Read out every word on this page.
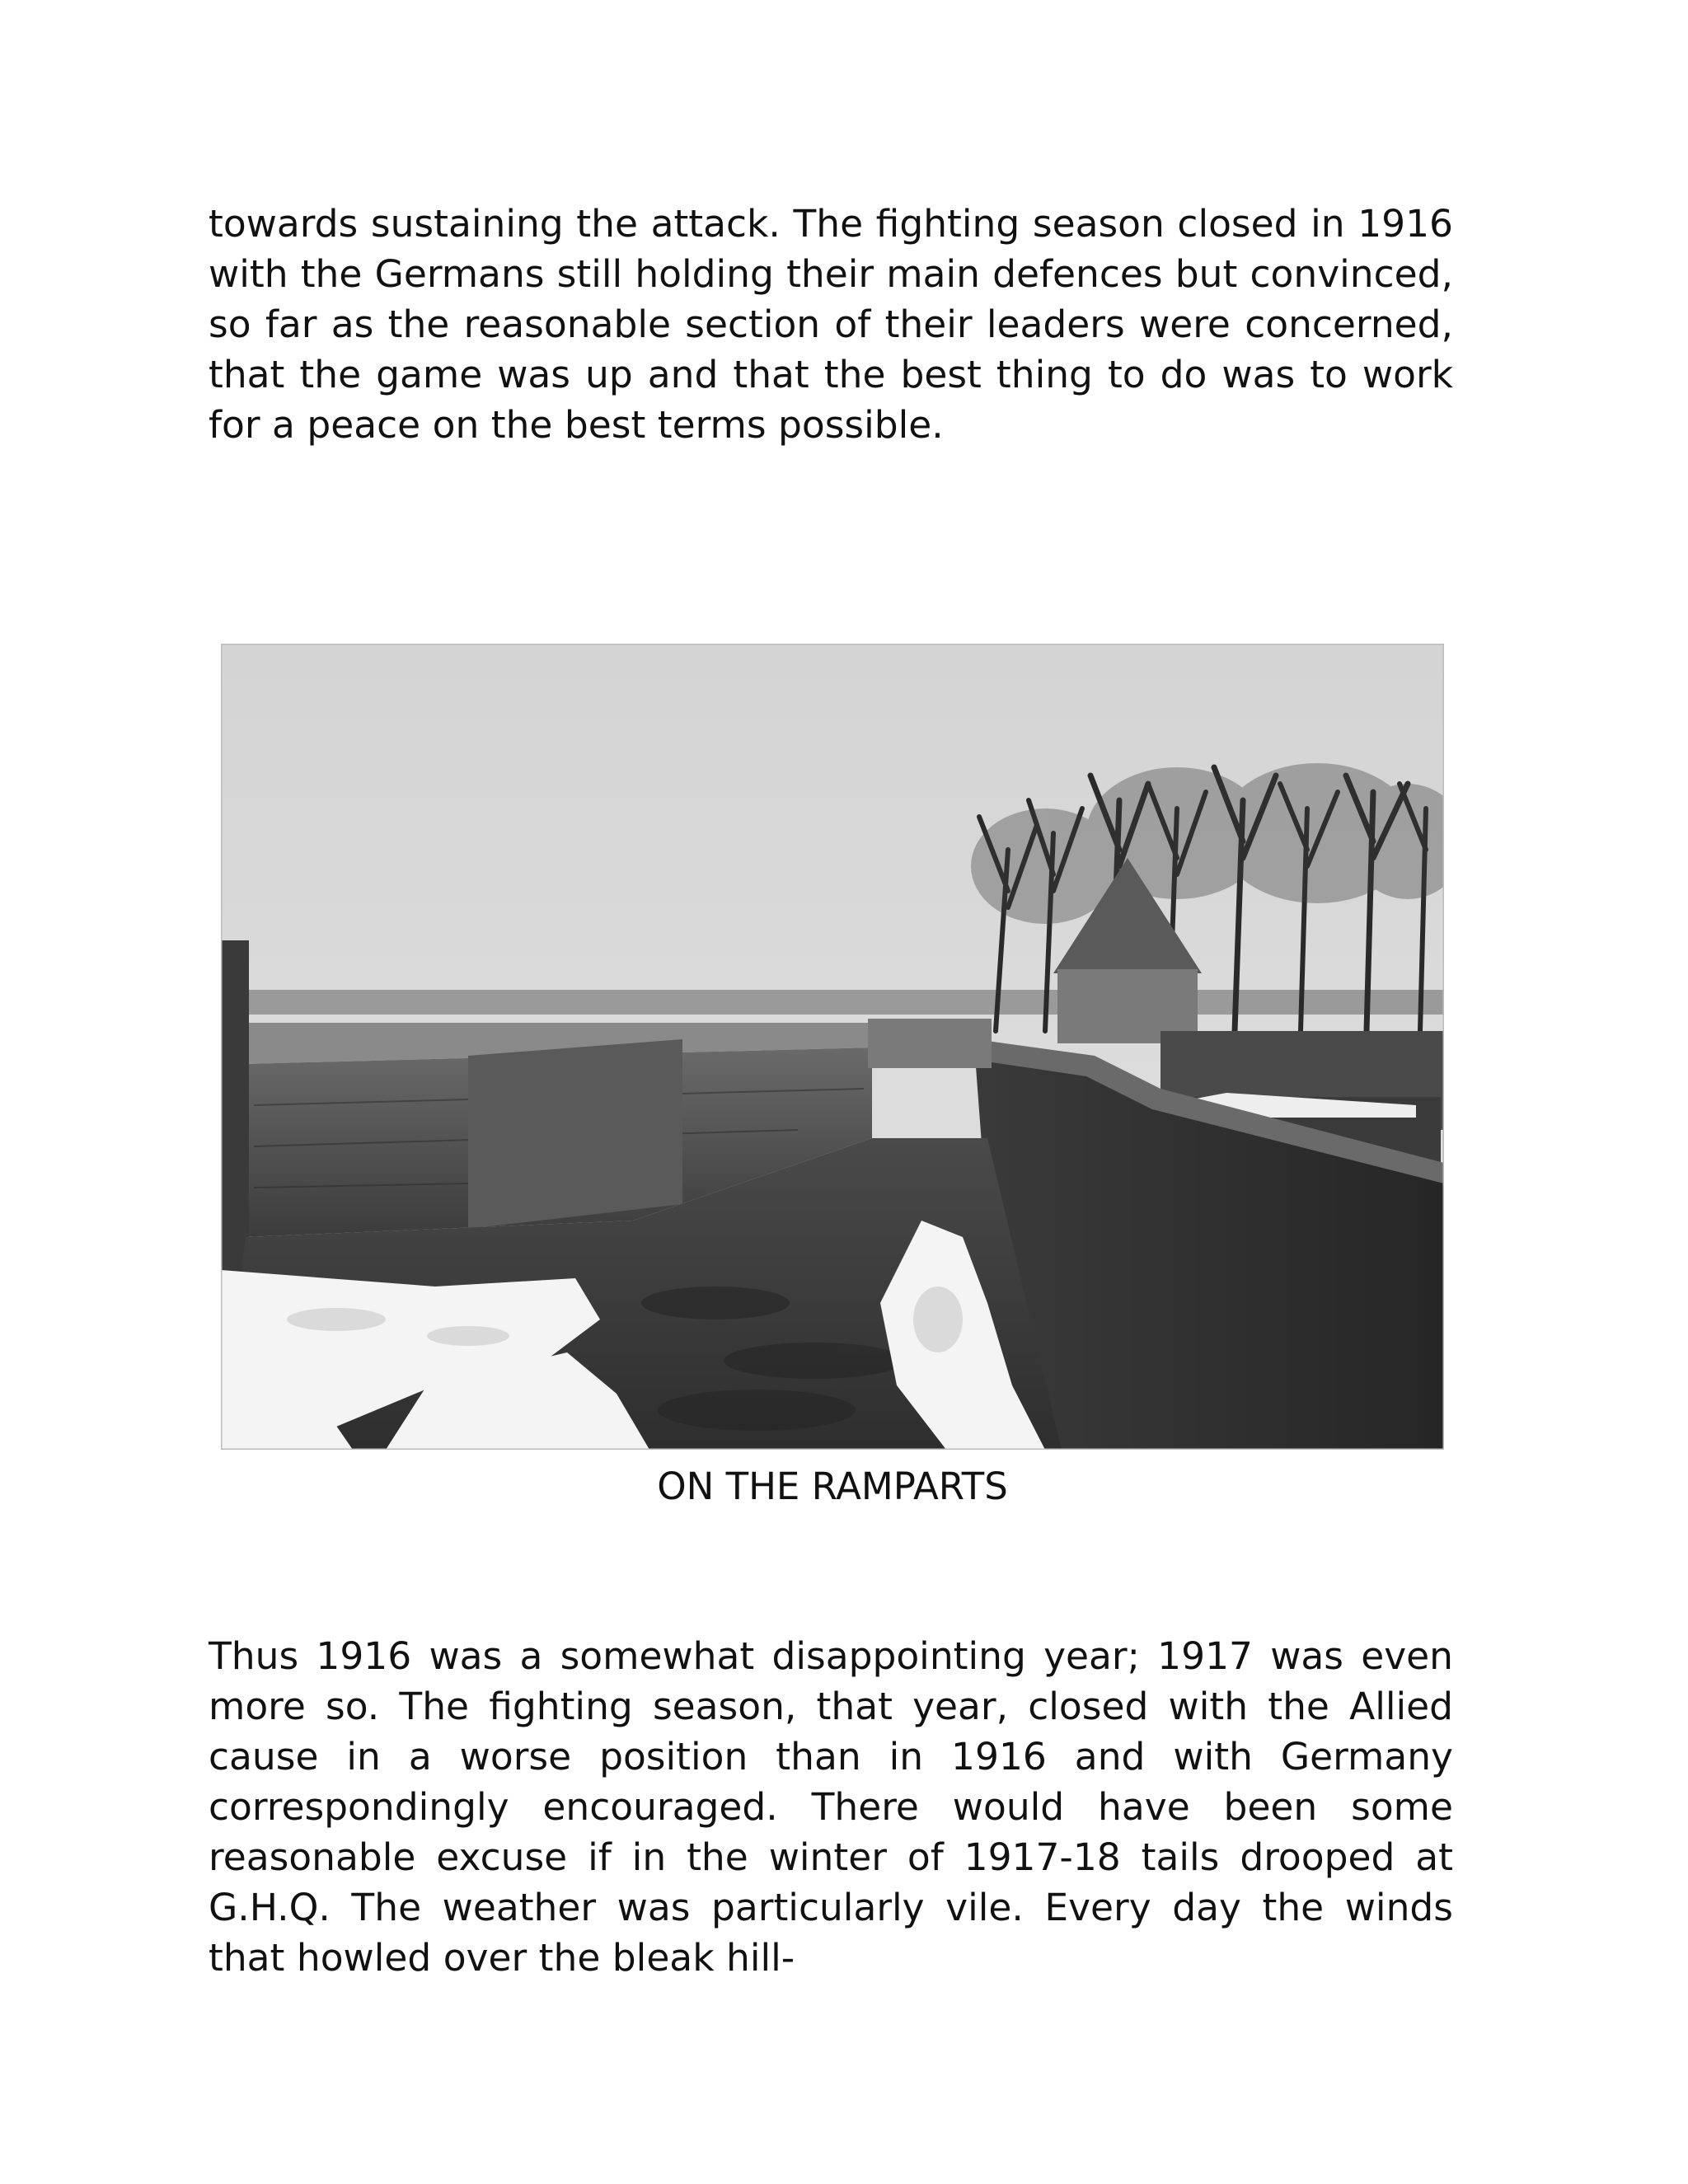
towards sustaining the attack. The fighting season closed in 1916 with the Germans still holding their main defences but convinced, so far as the reasonable section of their leaders were concerned, that the game was up and that the best thing to do was to work for a peace on the best terms possible.

ON THE RAMPARTS

Thus 1916 was a somewhat disappointing year; 1917 was even more so. The fighting season, that year, closed with the Allied cause in a worse position than in 1916 and with Germany correspondingly encouraged. There would have been some reasonable excuse if in the winter of 1917-18 tails drooped at G.H.Q. The weather was particularly vile. Every day the winds that howled over the bleak hill-
